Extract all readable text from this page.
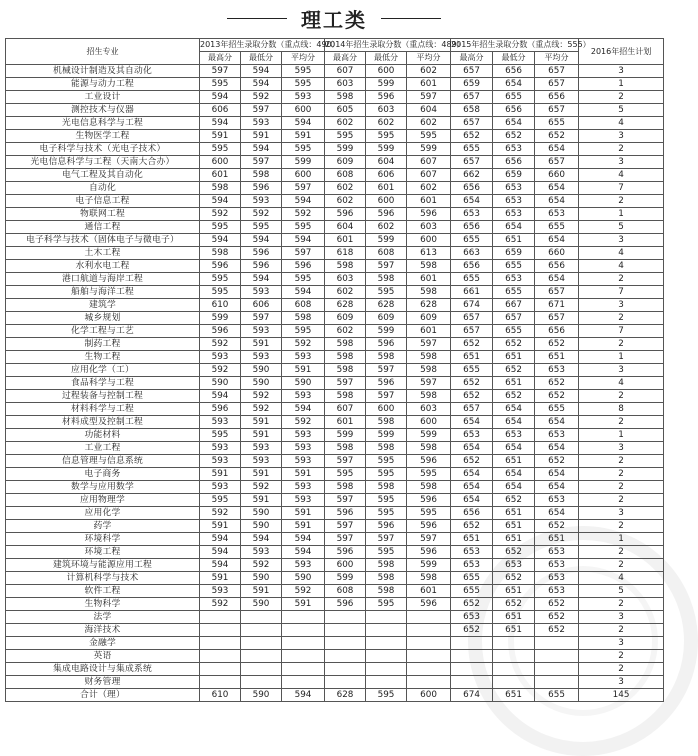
理工类
招生专业	2013年招生录取分数（重点线：490）			2014年招生录取分数（重点线：489）			2015年招生录取分数（重点线：555）			2016年招生计划
	最高分	最低分	平均分	最高分	最低分	平均分	最高分	最低分	平均分	
机械设计制造及其自动化	597	594	595	607	600	602	657	656	657	3
能源与动力工程	595	594	595	603	599	601	659	654	657	1
工业设计	594	592	593	598	596	597	657	655	656	2
测控技术与仪器	606	597	600	605	603	604	658	656	657	5
光电信息科学与工程	594	593	594	602	602	602	657	654	655	4
生物医学工程	591	591	591	595	595	595	652	652	652	3
电子科学与技术（光电子技术）	595	594	595	599	599	599	655	653	654	2
光电信息科学与工程（天南大合办）	600	597	599	609	604	607	657	656	657	3
电气工程及其自动化	601	598	600	608	606	607	662	659	660	4
自动化	598	596	597	602	601	602	656	653	654	7
电子信息工程	594	593	594	602	600	601	654	653	654	2
物联网工程	592	592	592	596	596	596	653	653	653	1
通信工程	595	595	595	604	602	603	656	654	655	5
电子科学与技术（固体电子与微电子）	594	594	594	601	599	600	655	651	654	3
土木工程	598	596	597	618	608	613	663	659	660	4
水利水电工程	596	596	596	598	597	598	656	655	656	4
港口航道与海岸工程	595	594	595	603	598	601	655	653	654	2
船舶与海洋工程	595	593	594	602	595	598	661	655	657	7
建筑学	610	606	608	628	628	628	674	667	671	3
城乡规划	599	597	598	609	609	609	657	657	657	2
化学工程与工艺	596	593	595	602	599	601	657	655	656	7
制药工程	592	591	592	598	596	597	652	652	652	2
生物工程	593	593	593	598	598	598	651	651	651	1
应用化学（工）	592	590	591	598	597	598	655	652	653	3
食品科学与工程	590	590	590	597	596	597	652	651	652	4
过程装备与控制工程	594	592	593	598	597	598	652	652	652	2
材料科学与工程	596	592	594	607	600	603	657	654	655	8
材料成型及控制工程	593	591	592	601	598	600	654	654	654	2
功能材料	595	591	593	599	599	599	653	653	653	1
工业工程	593	593	593	598	598	598	654	654	654	3
信息管理与信息系统	593	593	593	597	595	596	652	651	652	2
电子商务	591	591	591	595	595	595	654	654	654	2
数学与应用数学	593	592	593	598	598	598	654	654	654	2
应用物理学	595	591	593	597	595	596	654	652	653	2
应用化学	592	590	591	596	595	595	656	651	654	3
药学	591	590	591	597	596	596	652	651	652	2
环境科学	594	594	594	597	597	597	651	651	651	1
环境工程	594	593	594	596	595	596	653	652	653	2
建筑环境与能源应用工程	594	592	593	600	598	599	653	653	653	2
计算机科学与技术	591	590	590	599	598	598	655	652	653	4
软件工程	593	591	592	608	598	601	655	651	653	5
生物科学	592	590	591	596	595	596	652	652	652	2
法学							653	651	652	3
海洋技术							652	651	652	2
金融学										3
英语										2
集成电路设计与集成系统										2
财务管理										3
合计（理）	610	590	594	628	595	600	674	651	655	145
